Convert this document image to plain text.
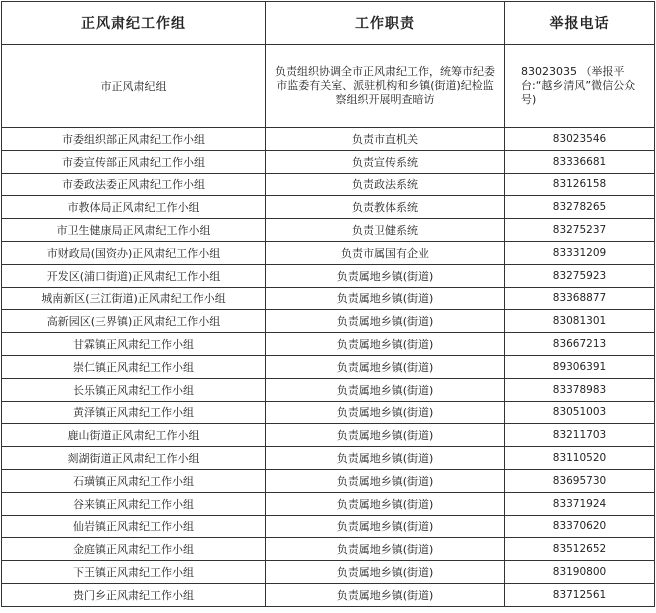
正风肃纪工作组	工作职责	举报电话
市正风肃纪组	负责组织协调全市正风肃纪工作，统筹市纪委市监委有关室、派驻机构和乡镇(街道)纪检监察组织开展明查暗访	83023035 （举报平台:“越乡清风”微信公众号)
市委组织部正风肃纪工作小组	负责市直机关	83023546
市委宣传部正风肃纪工作小组	负责宣传系统	83336681
市委政法委正风肃纪工作小组	负责政法系统	83126158
市教体局正风肃纪工作小组	负责教体系统	83278265
市卫生健康局正风肃纪工作小组	负责卫健系统	83275237
市财政局(国资办)正风肃纪工作小组	负责市属国有企业	83331209
开发区(浦口街道)正风肃纪工作小组	负责属地乡镇(街道)	83275923
城南新区(三江街道)正风肃纪工作小组	负责属地乡镇(街道)	83368877
高新园区(三界镇)正风肃纪工作小组	负责属地乡镇(街道)	83081301
甘霖镇正风肃纪工作小组	负责属地乡镇(街道)	83667213
崇仁镇正风肃纪工作小组	负责属地乡镇(街道)	89306391
长乐镇正风肃纪工作小组	负责属地乡镇(街道)	83378983
黄泽镇正风肃纪工作小组	负责属地乡镇(街道)	83051003
鹿山街道正风肃纪工作小组	负责属地乡镇(街道)	83211703
剡湖街道正风肃纪工作小组	负责属地乡镇(街道)	83110520
石璜镇正风肃纪工作小组	负责属地乡镇(街道)	83695730
谷来镇正风肃纪工作小组	负责属地乡镇(街道)	83371924
仙岩镇正风肃纪工作小组	负责属地乡镇(街道)	83370620
金庭镇正风肃纪工作小组	负责属地乡镇(街道)	83512652
下王镇正风肃纪工作小组	负责属地乡镇(街道)	83190800
贵门乡正风肃纪工作小组	负责属地乡镇(街道)	83712561
